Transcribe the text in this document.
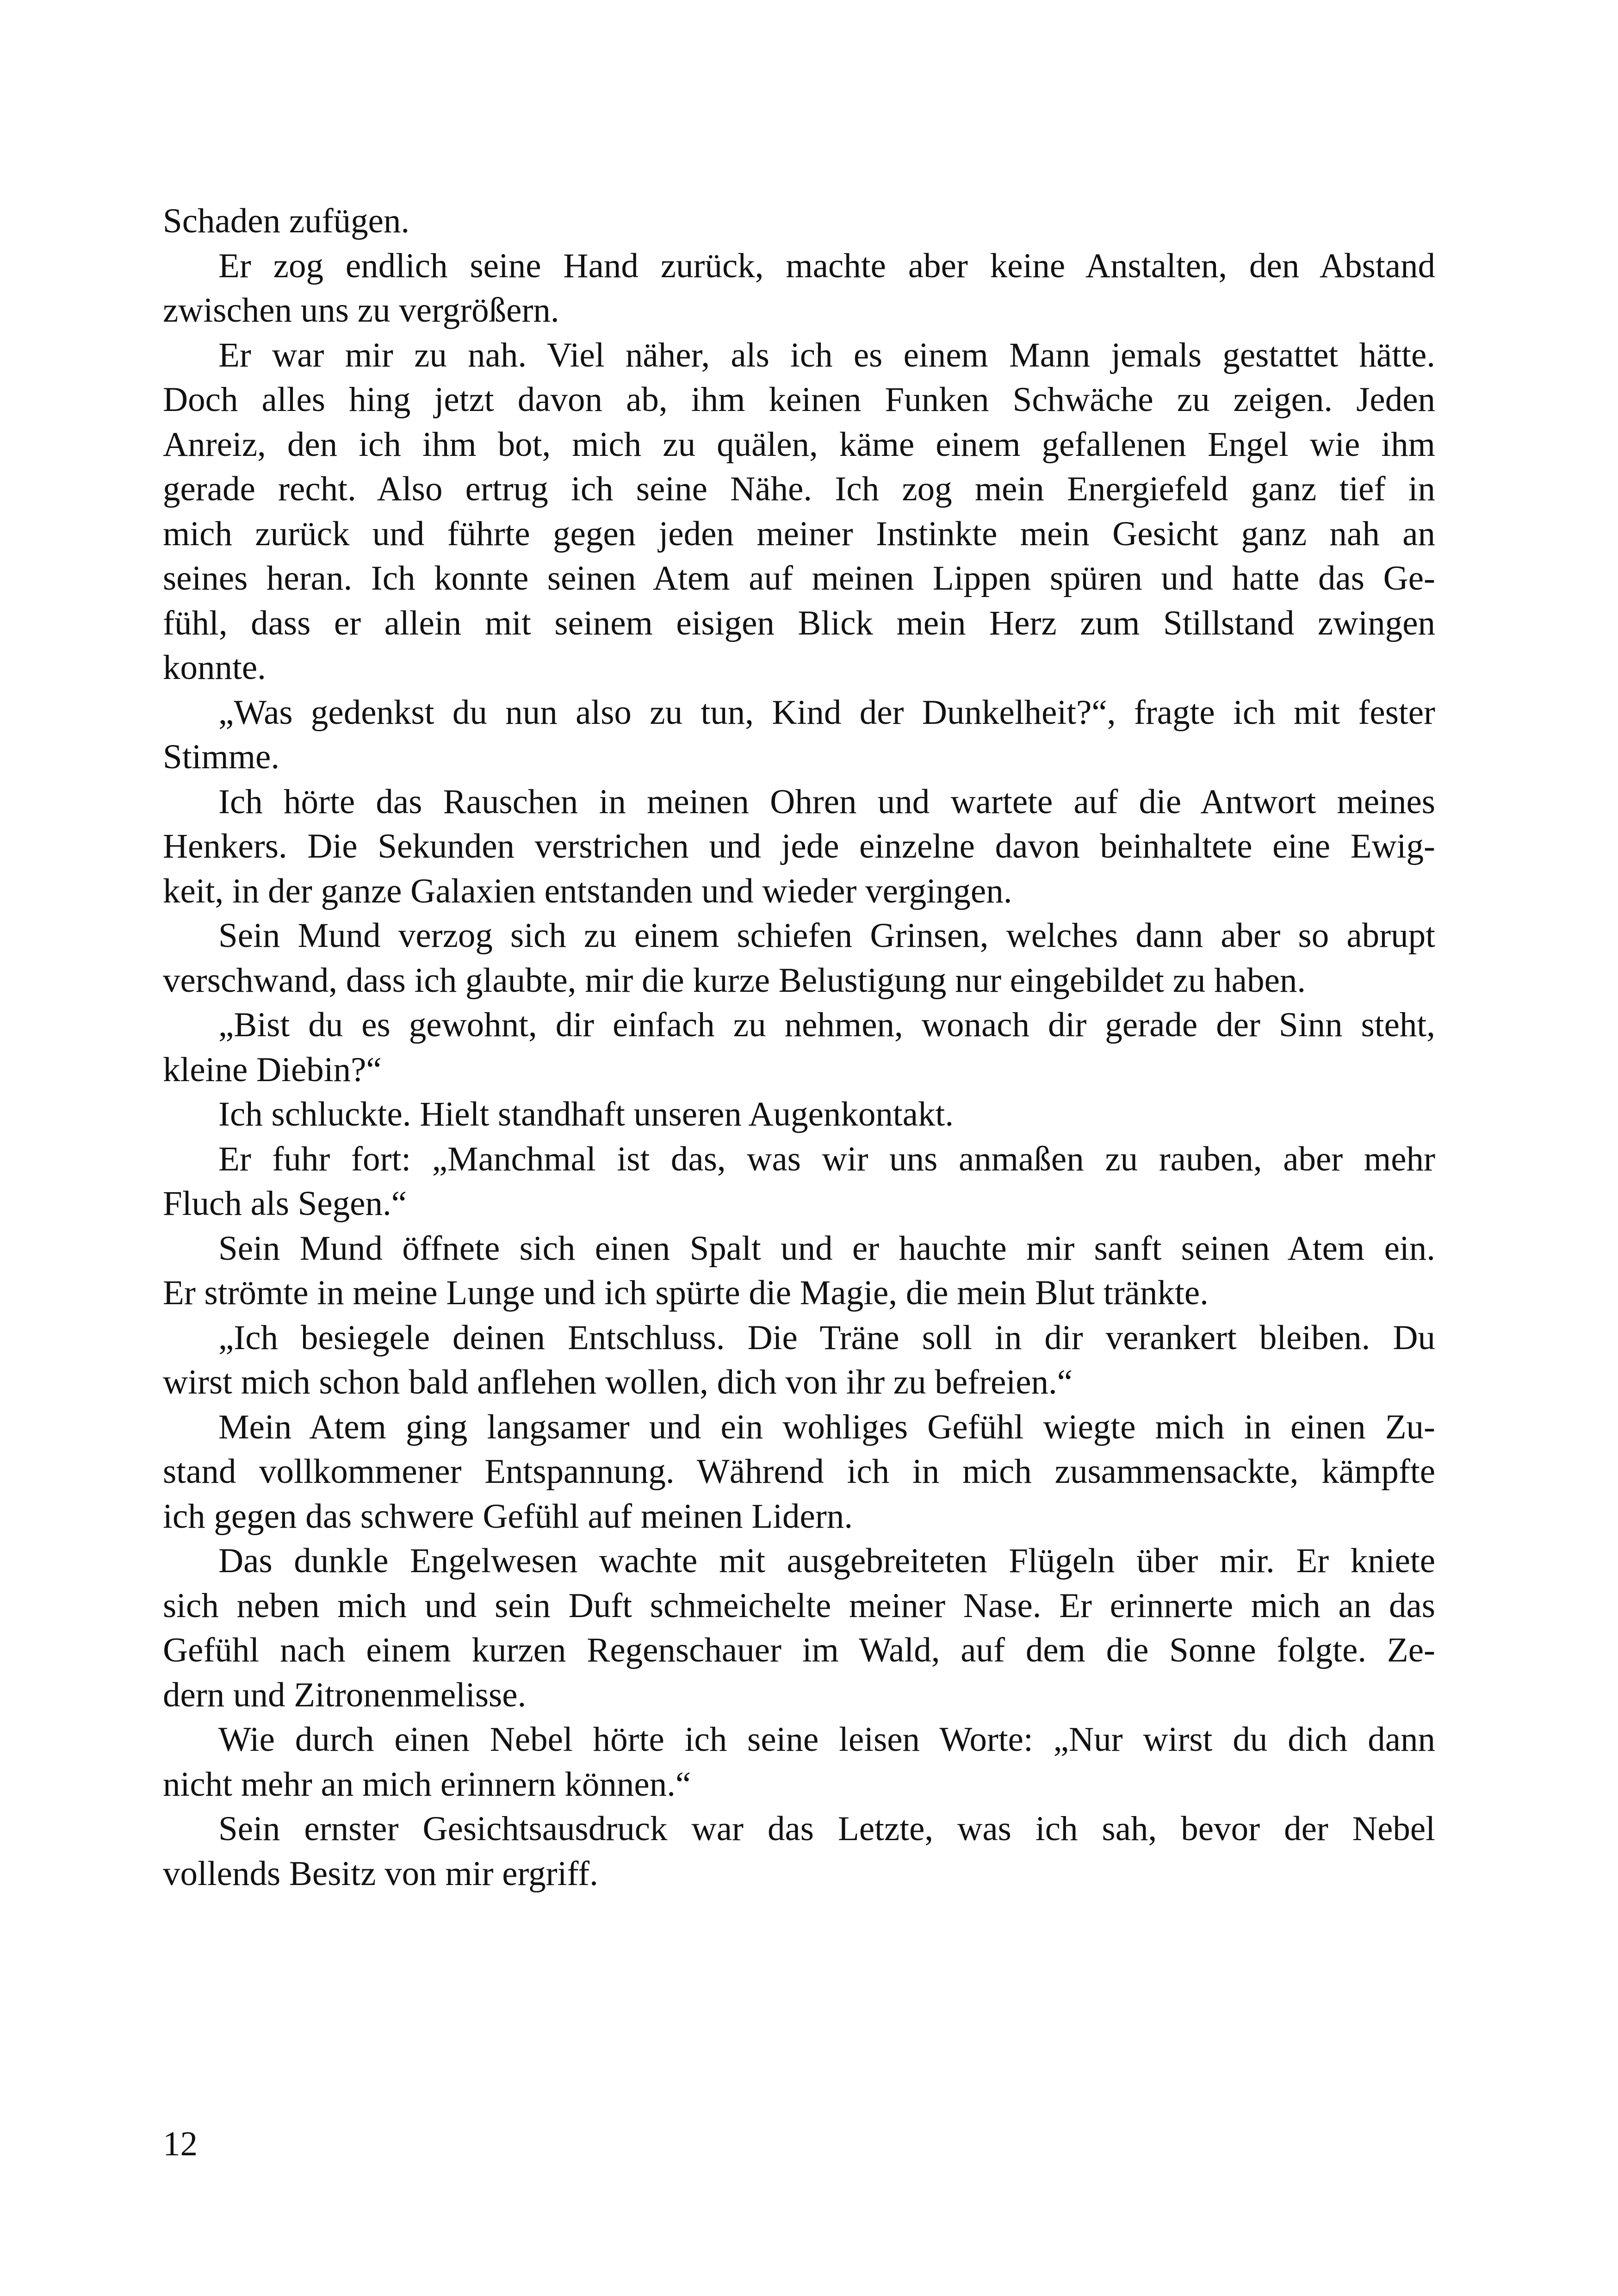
Schaden zufügen.
Er zog endlich seine Hand zurück, machte aber keine Anstalten, den Abstand
zwischen uns zu vergrößern.
Er war mir zu nah. Viel näher, als ich es einem Mann jemals gestattet hätte.
Doch alles hing jetzt davon ab, ihm keinen Funken Schwäche zu zeigen. Jeden
Anreiz, den ich ihm bot, mich zu quälen, käme einem gefallenen Engel wie ihm
gerade recht. Also ertrug ich seine Nähe. Ich zog mein Energiefeld ganz tief in
mich zurück und führte gegen jeden meiner Instinkte mein Gesicht ganz nah an
seines heran. Ich konnte seinen Atem auf meinen Lippen spüren und hatte das Ge-
fühl, dass er allein mit seinem eisigen Blick mein Herz zum Stillstand zwingen
konnte.
„Was gedenkst du nun also zu tun, Kind der Dunkelheit?“, fragte ich mit fester
Stimme.
Ich hörte das Rauschen in meinen Ohren und wartete auf die Antwort meines
Henkers. Die Sekunden verstrichen und jede einzelne davon beinhaltete eine Ewig-
keit, in der ganze Galaxien entstanden und wieder vergingen.
Sein Mund verzog sich zu einem schiefen Grinsen, welches dann aber so abrupt
verschwand, dass ich glaubte, mir die kurze Belustigung nur eingebildet zu haben.
„Bist du es gewohnt, dir einfach zu nehmen, wonach dir gerade der Sinn steht,
kleine Diebin?“
Ich schluckte. Hielt standhaft unseren Augenkontakt.
Er fuhr fort: „Manchmal ist das, was wir uns anmaßen zu rauben, aber mehr
Fluch als Segen.“
Sein Mund öffnete sich einen Spalt und er hauchte mir sanft seinen Atem ein.
Er strömte in meine Lunge und ich spürte die Magie, die mein Blut tränkte.
„Ich besiegele deinen Entschluss. Die Träne soll in dir verankert bleiben. Du
wirst mich schon bald anflehen wollen, dich von ihr zu befreien.“
Mein Atem ging langsamer und ein wohliges Gefühl wiegte mich in einen Zu-
stand vollkommener Entspannung. Während ich in mich zusammensackte, kämpfte
ich gegen das schwere Gefühl auf meinen Lidern.
Das dunkle Engelwesen wachte mit ausgebreiteten Flügeln über mir. Er kniete
sich neben mich und sein Duft schmeichelte meiner Nase. Er erinnerte mich an das
Gefühl nach einem kurzen Regenschauer im Wald, auf dem die Sonne folgte. Ze-
dern und Zitronenmelisse.
Wie durch einen Nebel hörte ich seine leisen Worte: „Nur wirst du dich dann
nicht mehr an mich erinnern können.“
Sein ernster Gesichtsausdruck war das Letzte, was ich sah, bevor der Nebel
vollends Besitz von mir ergriff.
12
